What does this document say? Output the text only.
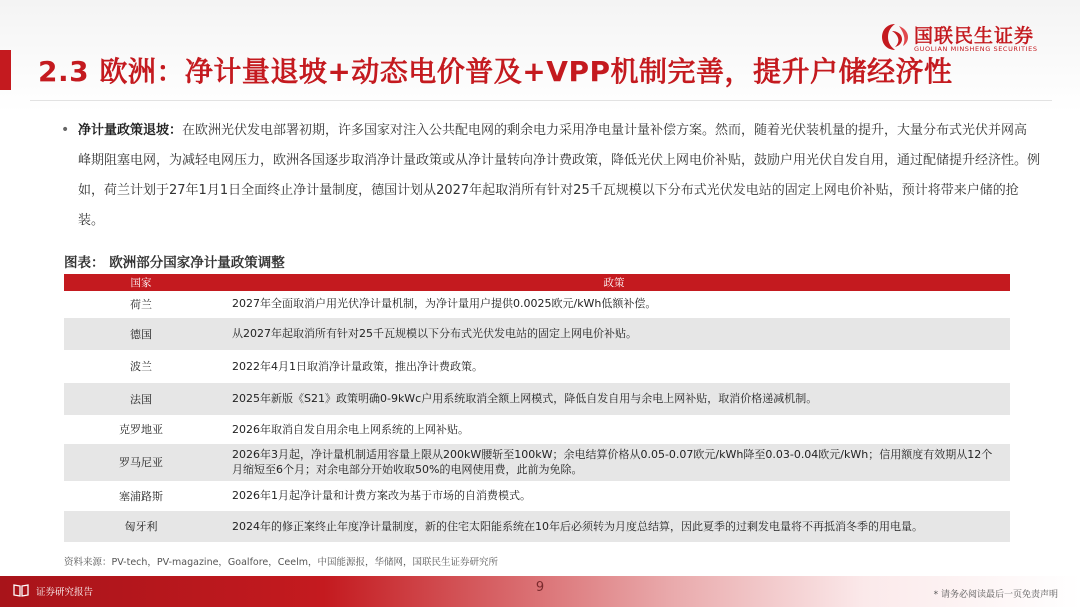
2.3 欧洲：净计量退坡+动态电价普及+VPP机制完善，提升户储经济性
国联民生证券
GUOLIAN MINSHENG SECURITIES
• 净计量政策退坡：在欧洲光伏发电部署初期，许多国家对注入公共配电网的剩余电力采用净电量计量补偿方案。然而，随着光伏装机量的提升，大量分布式光伏并网高峰期阻塞电网，为减轻电网压力，欧洲各国逐步取消净计量政策或从净计量转向净计费政策，降低光伏上网电价补贴，鼓励户用光伏自发自用，通过配储提升经济性。例如，荷兰计划于27年1月1日全面终止净计量制度，德国计划从2027年起取消所有针对25千瓦规模以下分布式光伏发电站的固定上网电价补贴，预计将带来户储的抢装。
图表： 欧洲部分国家净计量政策调整
国家	政策
荷兰	2027年全面取消户用光伏净计量机制，为净计量用户提供0.0025欧元/kWh低额补偿。
德国	从2027年起取消所有针对25千瓦规模以下分布式光伏发电站的固定上网电价补贴。
波兰	2022年4月1日取消净计量政策，推出净计费政策。
法国	2025年新版《S21》政策明确0-9kWc户用系统取消全额上网模式，降低自发自用与余电上网补贴，取消价格递减机制。
克罗地亚	2026年取消自发自用余电上网系统的上网补贴。
罗马尼亚	2026年3月起，净计量机制适用容量上限从200kW腰斩至100kW；余电结算价格从0.05-0.07欧元/kWh降至0.03-0.04欧元/kWh；信用额度有效期从12个月缩短至6个月；对余电部分开始收取50%的电网使用费，此前为免除。
塞浦路斯	2026年1月起净计量和计费方案改为基于市场的自消费模式。
匈牙利	2024年的修正案终止年度净计量制度，新的住宅太阳能系统在10年后必须转为月度总结算，因此夏季的过剩发电量将不再抵消冬季的用电量。
资料来源：PV-tech，PV-magazine，Goalfore，Ceelm，中国能源报，华储网，国联民生证券研究所
证券研究报告	9	* 请务必阅读最后一页免责声明
